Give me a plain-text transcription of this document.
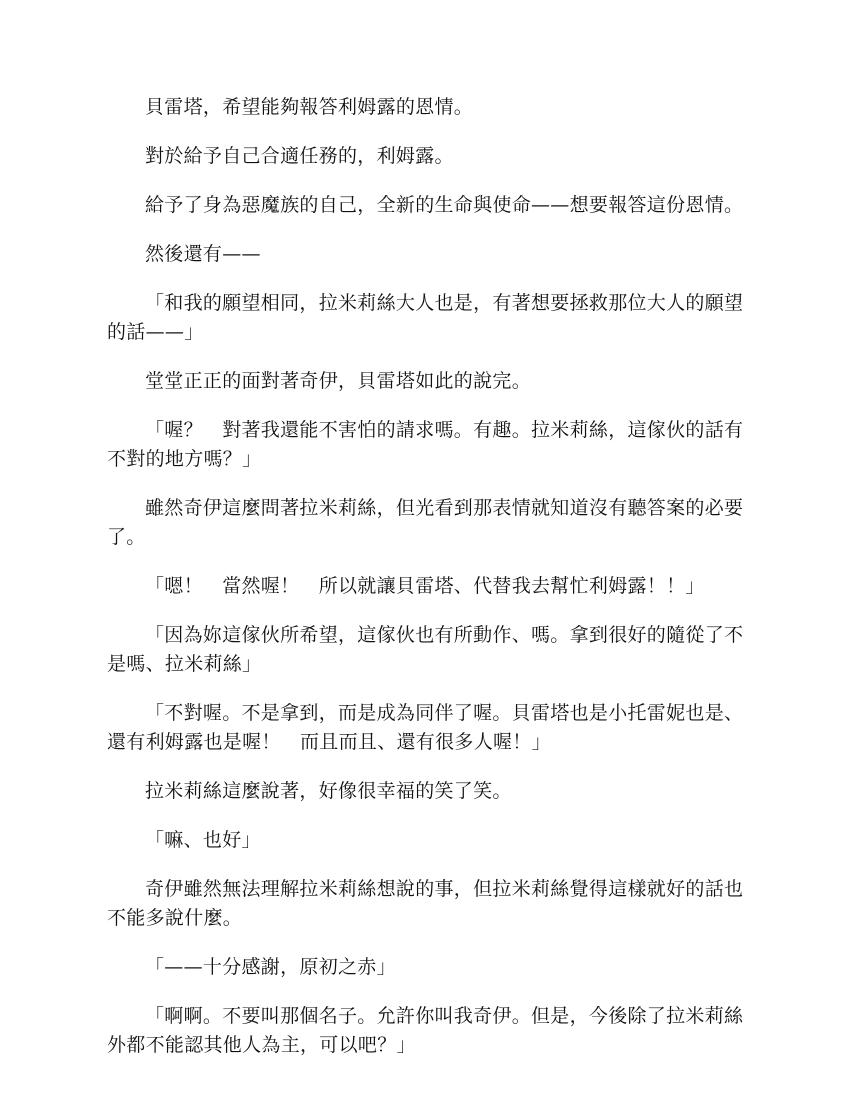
貝雷塔，希望能夠報答利姆露的恩情。

對於給予自己合適任務的，利姆露。

給予了身為惡魔族的自己，全新的生命與使命——想要報答這份恩情。

然後還有——

「和我的願望相同，拉米莉絲大人也是，有著想要拯救那位大人的願望的話——」

堂堂正正的面對著奇伊，貝雷塔如此的說完。

「喔？　對著我還能不害怕的請求嗎。有趣。拉米莉絲，這傢伙的話有不對的地方嗎？」

雖然奇伊這麼問著拉米莉絲，但光看到那表情就知道沒有聽答案的必要了。

「嗯！　當然喔！　所以就讓貝雷塔、代替我去幫忙利姆露！！」

「因為妳這傢伙所希望，這傢伙也有所動作、嗎。拿到很好的隨從了不是嗎、拉米莉絲」

「不對喔。不是拿到，而是成為同伴了喔。貝雷塔也是小托雷妮也是、還有利姆露也是喔！　而且而且、還有很多人喔！」

拉米莉絲這麼說著，好像很幸福的笑了笑。

「嘛、也好」

奇伊雖然無法理解拉米莉絲想說的事，但拉米莉絲覺得這樣就好的話也不能多說什麼。

「——十分感謝，原初之赤」

「啊啊。不要叫那個名子。允許你叫我奇伊。但是，今後除了拉米莉絲外都不能認其他人為主，可以吧？」
